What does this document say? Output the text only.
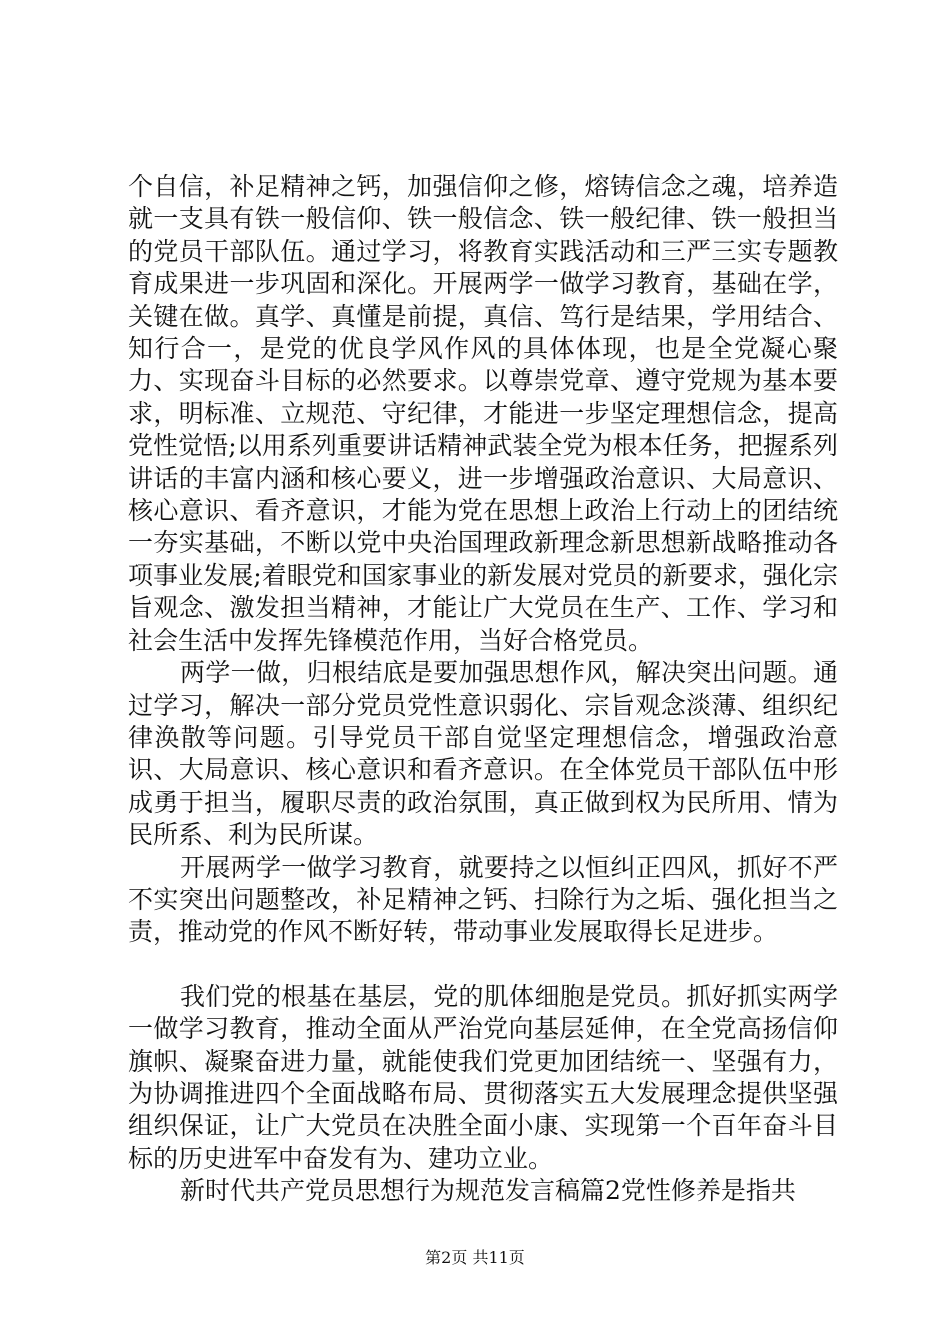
个自信，补足精神之钙，加强信仰之修，熔铸信念之魂，培养造就一支具有铁一般信仰、铁一般信念、铁一般纪律、铁一般担当的党员干部队伍。通过学习，将教育实践活动和三严三实专题教育成果进一步巩固和深化。开展两学一做学习教育，基础在学，关键在做。真学、真懂是前提，真信、笃行是结果，学用结合、知行合一，是党的优良学风作风的具体体现，也是全党凝心聚力、实现奋斗目标的必然要求。以尊崇党章、遵守党规为基本要求，明标准、立规范、守纪律，才能进一步坚定理想信念，提高党性觉悟;以用系列重要讲话精神武装全党为根本任务，把握系列讲话的丰富内涵和核心要义，进一步增强政治意识、大局意识、核心意识、看齐意识，才能为党在思想上政治上行动上的团结统一夯实基础，不断以党中央治国理政新理念新思想新战略推动各项事业发展;着眼党和国家事业的新发展对党员的新要求，强化宗旨观念、激发担当精神，才能让广大党员在生产、工作、学习和社会生活中发挥先锋模范作用，当好合格党员。

两学一做，归根结底是要加强思想作风，解决突出问题。通过学习，解决一部分党员党性意识弱化、宗旨观念淡薄、组织纪律涣散等问题。引导党员干部自觉坚定理想信念，增强政治意识、大局意识、核心意识和看齐意识。在全体党员干部队伍中形成勇于担当，履职尽责的政治氛围，真正做到权为民所用、情为民所系、利为民所谋。

开展两学一做学习教育，就要持之以恒纠正四风，抓好不严不实突出问题整改，补足精神之钙、扫除行为之垢、强化担当之责，推动党的作风不断好转，带动事业发展取得长足进步。

我们党的根基在基层，党的肌体细胞是党员。抓好抓实两学一做学习教育，推动全面从严治党向基层延伸，在全党高扬信仰旗帜、凝聚奋进力量，就能使我们党更加团结统一、坚强有力，为协调推进四个全面战略布局、贯彻落实五大发展理念提供坚强组织保证，让广大党员在决胜全面小康、实现第一个百年奋斗目标的历史进军中奋发有为、建功立业。

新时代共产党员思想行为规范发言稿篇2党性修养是指共

第2页 共11页
